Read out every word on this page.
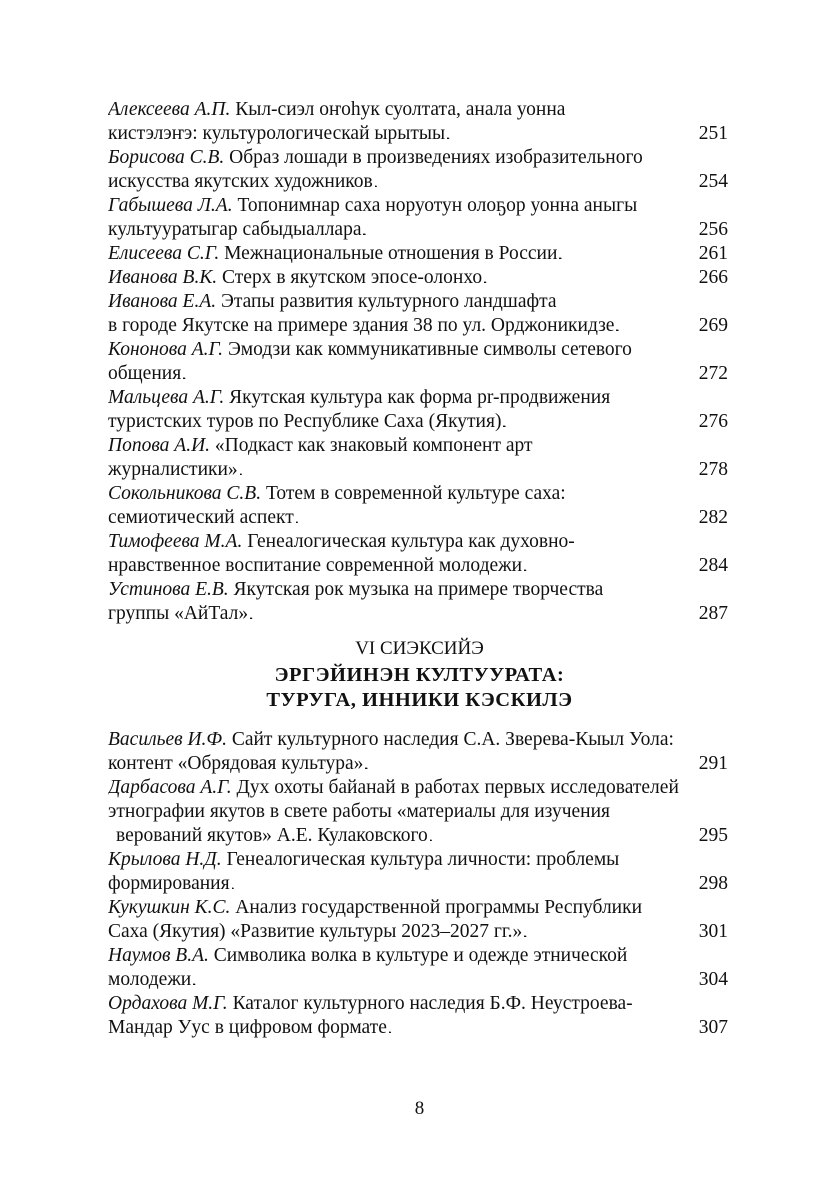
Алексеева А.П. Кыл-сиэл оҥоһук суолтата, анала уонна
кистэлэҥэ: культурологическай ырытыы . . .	251
Борисова С.В. Образ лошади в произведениях изобразительного
искусства якутских художников . . .	254
Габышева Л.А. Топонимнар саха норуотун олоҕор уонна аныгы
культууратыгар сабыдыаллара . . .	256
Елисеева С.Г. Межнациональные отношения в России . . .	261
Иванова В.К. Стерх в якутском эпосе-олонхо . . .	266
Иванова Е.А. Этапы развития культурного ландшафта
в городе Якутске на примере здания 38 по ул. Орджоникидзе . . .	269
Кононова А.Г. Эмодзи как коммуникативные символы сетевого
общения . . .	272
Мальцева А.Г. Якутская культура как форма pr-продвижения
туристских туров по Республике Саха (Якутия) . . .	276
Попова А.И. «Подкаст как знаковый компонент арт
журналистики» . . .	278
Сокольникова С.В. Тотем в современной культуре саха:
семиотический аспект . . .	282
Тимофеева М.А. Генеалогическая культура как духовно-
нравственное воспитание современной молодежи . . .	284
Устинова Е.В. Якутская рок музыка на примере творчества
группы «АйТал» . . .	287
VI СИЭКСИЙЭ
ЭРГЭЙИНЭН КУЛТУУРАТА:
ТУРУГА, ИННИКИ КЭСКИЛЭ
Васильев И.Ф. Сайт культурного наследия С.А. Зверева-Кыыл Уола:
контент «Обрядовая культура» . . .	291
Дарбасова А.Г. Дух охоты байанай в работах первых исследователей
этнографии якутов в свете работы «материалы для изучения
верований якутов» А.Е. Кулаковского . . .	295
Крылова Н.Д. Генеалогическая культура личности: проблемы
формирования . . .	298
Кукушкин К.С. Анализ государственной программы Республики
Саха (Якутия) «Развитие культуры 2023–2027 гг.» . . .	301
Наумов В.А. Символика волка в культуре и одежде этнической
молодежи . . .	304
Ордахова М.Г. Каталог культурного наследия Б.Ф. Неустроева-
Мандар Уус в цифровом формате . . .	307
8
